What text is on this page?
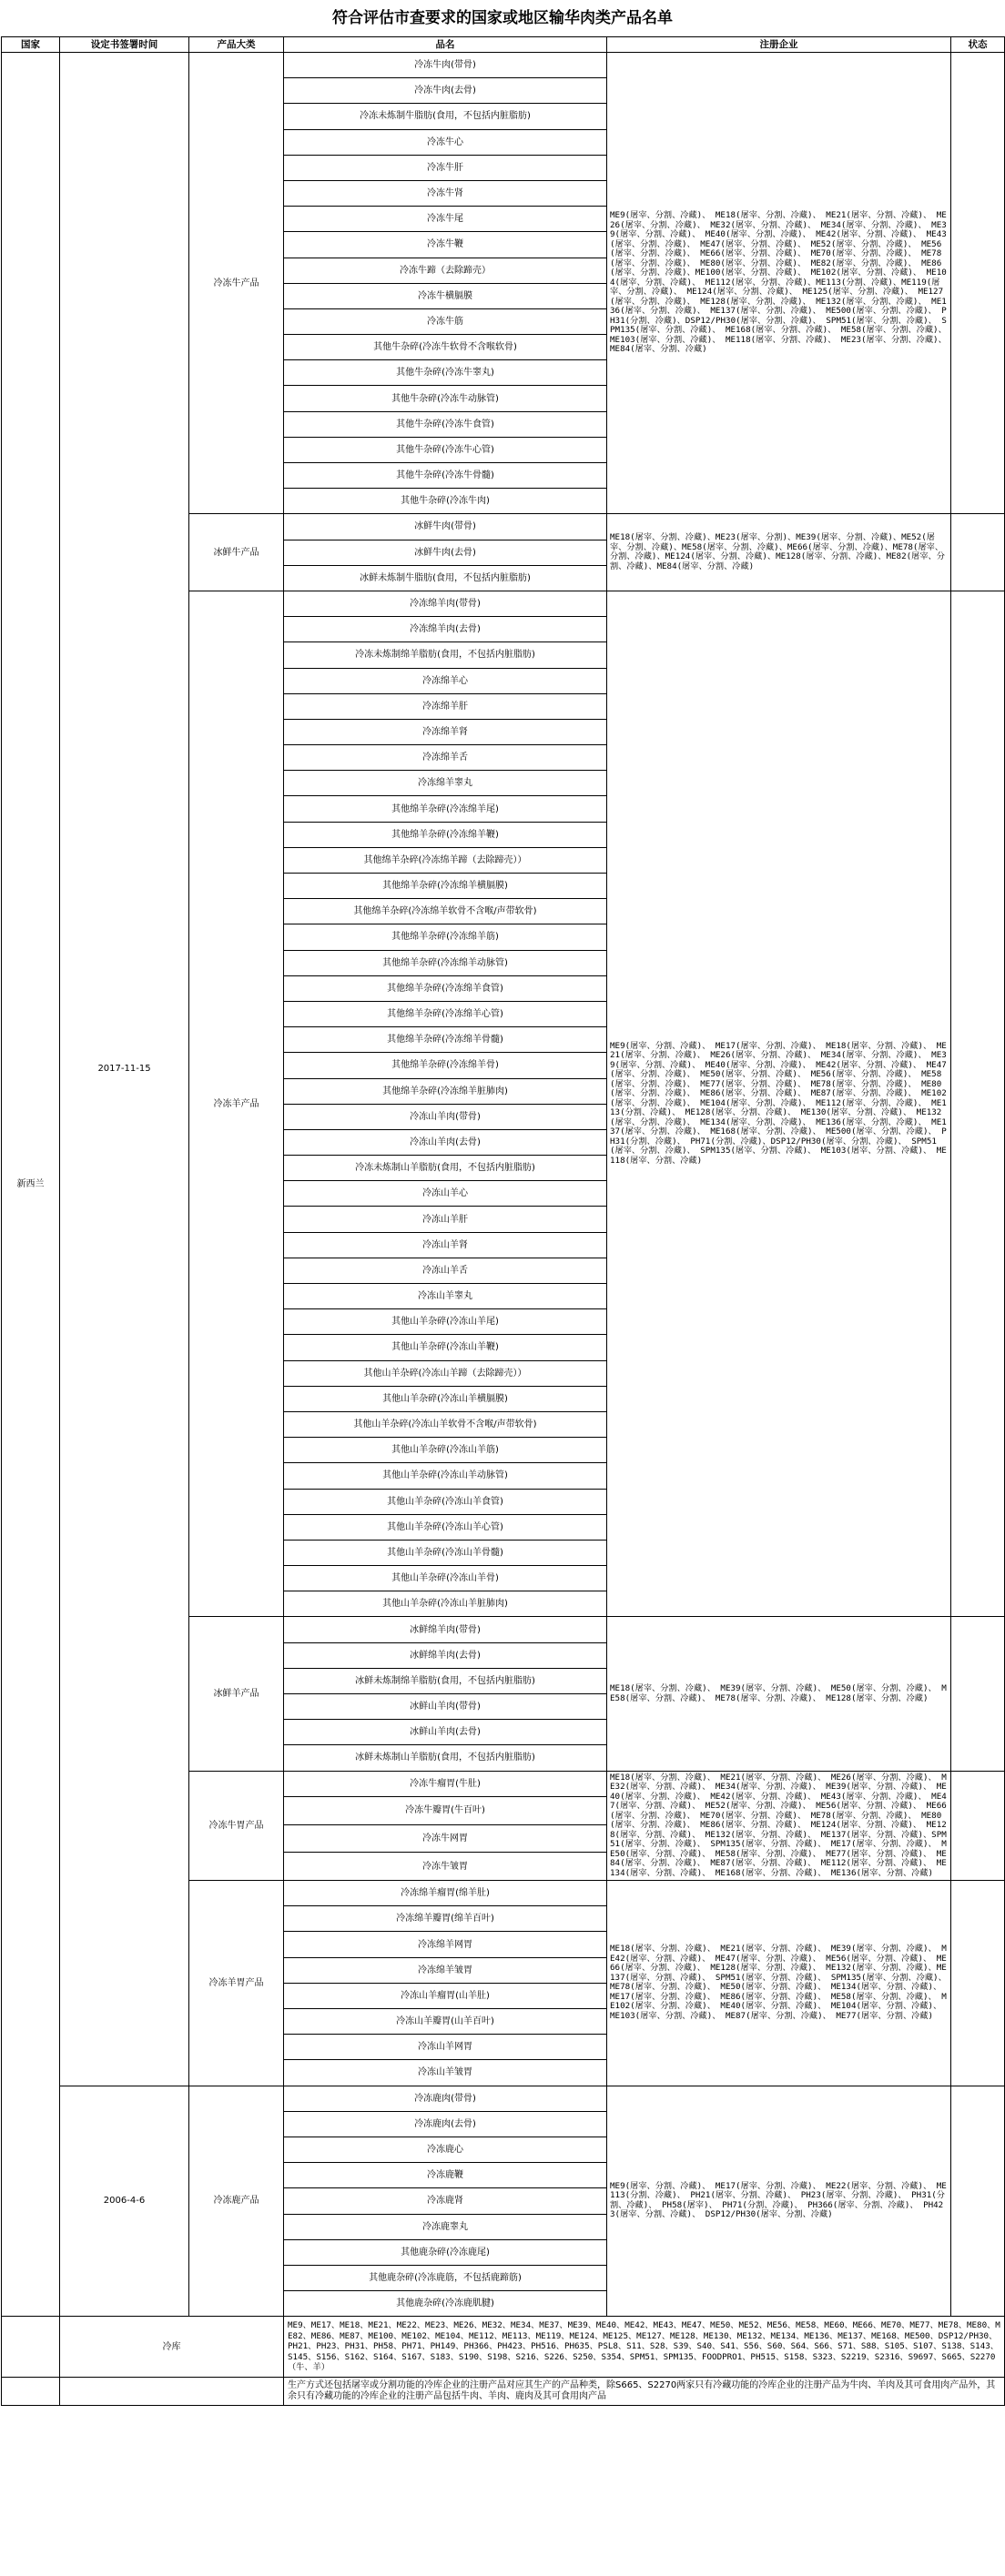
符合评估市查要求的国家或地区输华肉类产品名单
国家	设定书签署时间	产品大类	品名	注册企业	状态
新西兰	2017-11-15	冷冻牛产品	冷冻牛肉(带骨)	ME9(屠宰、分割、冷藏)、 ME18(屠宰、分割、冷藏)、 ME21(屠宰、分割、冷藏)、 ME26(屠宰、分割、冷藏)、 ME32(屠宰、分割、冷藏)、 ME34(屠宰、分割、冷藏)、 ME39(屠宰、分割、冷藏)、 ME40(屠宰、分割、冷藏)、 ME42(屠宰、分割、冷藏)、 ME43(屠宰、分割、冷藏)、 ME47(屠宰、分割、冷藏)、 ME52(屠宰、分割、冷藏)、 ME56(屠宰、分割、冷藏)、 ME66(屠宰、分割、冷藏)、 ME70(屠宰、分割、冷藏)、 ME78(屠宰、分割、冷藏)、 ME80(屠宰、分割、冷藏)、 ME82(屠宰、分割、冷藏)、 ME86(屠宰、分割、冷藏)、ME100(屠宰、分割、冷藏)、 ME102(屠宰、分割、冷藏)、 ME104(屠宰、分割、冷藏)、 ME112(屠宰、分割、冷藏)、ME113(分割、冷藏)、ME119(屠宰、分割、冷藏)、 ME124(屠宰、分割、冷藏)、 ME125(屠宰、分割、冷藏)、 ME127(屠宰、分割、冷藏)、 ME128(屠宰、分割、冷藏)、 ME132(屠宰、分割、冷藏)、 ME136(屠宰、分割、冷藏)、 ME137(屠宰、分割、冷藏)、 ME500(屠宰、分割、冷藏)、 PH31(分割、冷藏)、DSP12/PH30(屠宰、分割、冷藏)、 SPM51(屠宰、分割、冷藏)、 SPM135(屠宰、分割、冷藏)、 ME168(屠宰、分割、冷藏)、 ME58(屠宰、分割、冷藏)、 ME103(屠宰、分割、冷藏)、 ME118(屠宰、分割、冷藏)、 ME23(屠宰、分割、冷藏)、 ME84(屠宰、分割、冷藏)	
			冷冻牛肉(去骨)		
			冷冻未炼制牛脂肪(食用，不包括内脏脂肪)		
			冷冻牛心		
			冷冻牛肝		
			冷冻牛肾		
			冷冻牛尾		
			冷冻牛鞭		
			冷冻牛蹄（去除蹄壳）		
			冷冻牛横膈膜		
			冷冻牛筋		
			其他牛杂碎(冷冻牛软骨不含喉软骨)		
			其他牛杂碎(冷冻牛睾丸)		
			其他牛杂碎(冷冻牛动脉管)		
			其他牛杂碎(冷冻牛食管)		
			其他牛杂碎(冷冻牛心管)		
			其他牛杂碎(冷冻牛骨髓)		
			其他牛杂碎(冷冻牛肉)		
		冰鲜牛产品	冰鲜牛肉(带骨)	ME18(屠宰、分割、冷藏)、ME23(屠宰、分割)、ME39(屠宰、分割、冷藏)、ME52(屠宰、分割、冷藏)、ME58(屠宰、分割、冷藏)、ME66(屠宰、分割、冷藏)、ME78(屠宰、分割、冷藏)、ME124(屠宰、分割、冷藏)、ME128(屠宰、分割、冷藏)、ME82(屠宰、分割、冷藏)、ME84(屠宰、分割、冷藏)	
			冰鲜牛肉(去骨)		
			冰鲜未炼制牛脂肪(食用，不包括内脏脂肪)		
		冷冻羊产品	冷冻绵羊肉(带骨)	ME9(屠宰、分割、冷藏)、 ME17(屠宰、分割、冷藏)、 ME18(屠宰、分割、冷藏)、 ME21(屠宰、分割、冷藏)、 ME26(屠宰、分割、冷藏)、 ME34(屠宰、分割、冷藏)、 ME39(屠宰、分割、冷藏)、 ME40(屠宰、分割、冷藏)、 ME42(屠宰、分割、冷藏)、 ME47(屠宰、分割、冷藏)、 ME50(屠宰、分割、冷藏)、 ME56(屠宰、分割、冷藏)、 ME58(屠宰、分割、冷藏)、 ME77(屠宰、分割、冷藏)、 ME78(屠宰、分割、冷藏)、 ME80(屠宰、分割、冷藏)、 ME86(屠宰、分割、冷藏)、 ME87(屠宰、分割、冷藏)、 ME102(屠宰、分割、冷藏)、 ME104(屠宰、分割、冷藏)、 ME112(屠宰、分割、冷藏)、 ME113(分割、冷藏)、 ME128(屠宰、分割、冷藏)、 ME130(屠宰、分割、冷藏)、 ME132(屠宰、分割、冷藏)、 ME134(屠宰、分割、冷藏)、 ME136(屠宰、分割、冷藏)、 ME137(屠宰、分割、冷藏)、 ME168(屠宰、分割、冷藏)、 ME500(屠宰、分割、冷藏)、 PH31(分割、冷藏)、 PH71(分割、冷藏)、DSP12/PH30(屠宰、分割、冷藏)、 SPM51(屠宰、分割、冷藏)、 SPM135(屠宰、分割、冷藏)、 ME103(屠宰、分割、冷藏)、 ME118(屠宰、分割、冷藏)	
			冷冻绵羊肉(去骨)		
			冷冻未炼制绵羊脂肪(食用，不包括内脏脂肪)		
			冷冻绵羊心		
			冷冻绵羊肝		
			冷冻绵羊肾		
			冷冻绵羊舌		
			冷冻绵羊睾丸		
			其他绵羊杂碎(冷冻绵羊尾)		
			其他绵羊杂碎(冷冻绵羊鞭)		
			其他绵羊杂碎(冷冻绵羊蹄（去除蹄壳））		
			其他绵羊杂碎(冷冻绵羊横膈膜)		
			其他绵羊杂碎(冷冻绵羊软骨不含喉/声带软骨)		
			其他绵羊杂碎(冷冻绵羊筋)		
			其他绵羊杂碎(冷冻绵羊动脉管)		
			其他绵羊杂碎(冷冻绵羊食管)		
			其他绵羊杂碎(冷冻绵羊心管)		
			其他绵羊杂碎(冷冻绵羊骨髓)		
			其他绵羊杂碎(冷冻绵羊骨)		
			其他绵羊杂碎(冷冻绵羊脏肺肉)		
			冷冻山羊肉(带骨)		
			冷冻山羊肉(去骨)		
			冷冻未炼制山羊脂肪(食用，不包括内脏脂肪)		
			冷冻山羊心		
			冷冻山羊肝		
			冷冻山羊肾		
			冷冻山羊舌		
			冷冻山羊睾丸		
			其他山羊杂碎(冷冻山羊尾)		
			其他山羊杂碎(冷冻山羊鞭)		
			其他山羊杂碎(冷冻山羊蹄（去除蹄壳））		
			其他山羊杂碎(冷冻山羊横膈膜)		
			其他山羊杂碎(冷冻山羊软骨不含喉/声带软骨)		
			其他山羊杂碎(冷冻山羊筋)		
			其他山羊杂碎(冷冻山羊动脉管)		
			其他山羊杂碎(冷冻山羊食管)		
			其他山羊杂碎(冷冻山羊心管)		
			其他山羊杂碎(冷冻山羊骨髓)		
			其他山羊杂碎(冷冻山羊骨)		
			其他山羊杂碎(冷冻山羊脏肺肉)		
		冰鲜羊产品	冰鲜绵羊肉(带骨)	ME18(屠宰、分割、冷藏)、 ME39(屠宰、分割、冷藏)、 ME50(屠宰、分割、冷藏)、 ME58(屠宰、分割、冷藏)、 ME78(屠宰、分割、冷藏)、 ME128(屠宰、分割、冷藏)	
			冰鲜绵羊肉(去骨)		
			冰鲜未炼制绵羊脂肪(食用，不包括内脏脂肪)		
			冰鲜山羊肉(带骨)		
			冰鲜山羊肉(去骨)		
			冰鲜未炼制山羊脂肪(食用，不包括内脏脂肪)		
		冷冻牛胃产品	冷冻牛瘤胃(牛肚)	ME18(屠宰、分割、冷藏)、 ME21(屠宰、分割、冷藏)、 ME26(屠宰、分割、冷藏)、 ME32(屠宰、分割、冷藏)、 ME34(屠宰、分割、冷藏)、 ME39(屠宰、分割、冷藏)、 ME40(屠宰、分割、冷藏)、 ME42(屠宰、分割、冷藏)、 ME43(屠宰、分割、冷藏)、 ME47(屠宰、分割、冷藏)、 ME52(屠宰、分割、冷藏)、 ME56(屠宰、分割、冷藏)、 ME66(屠宰、分割、冷藏)、 ME70(屠宰、分割、冷藏)、 ME78(屠宰、分割、冷藏)、 ME80(屠宰、分割、冷藏)、 ME86(屠宰、分割、冷藏)、 ME124(屠宰、分割、冷藏)、 ME128(屠宰、分割、冷藏)、 ME132(屠宰、分割、冷藏)、 ME137(屠宰、分割、冷藏)、SPM51(屠宰、分割、冷藏)、 SPM135(屠宰、分割、冷藏)、 ME17(屠宰、分割、冷藏)、 ME50(屠宰、分割、冷藏)、 ME58(屠宰、分割、冷藏)、 ME77(屠宰、分割、冷藏)、 ME84(屠宰、分割、冷藏)、 ME87(屠宰、分割、冷藏)、 ME112(屠宰、分割、冷藏)、 ME134(屠宰、分割、冷藏)、 ME168(屠宰、分割、冷藏)、 ME136(屠宰、分割、冷藏)	

			冷冻牛瓣胃(牛百叶)		

			冷冻牛网胃		

			冷冻牛皱胃		

		冷冻羊胃产品	冷冻绵羊瘤胃(绵羊肚)	ME18(屠宰、分割、冷藏)、 ME21(屠宰、分割、冷藏)、 ME39(屠宰、分割、冷藏)、 ME42(屠宰、分割、冷藏)、 ME47(屠宰、分割、冷藏)、 ME56(屠宰、分割、冷藏)、 ME66(屠宰、分割、冷藏)、 ME128(屠宰、分割、冷藏)、 ME132(屠宰、分割、冷藏)、ME137(屠宰、分割、冷藏)、 SPM51(屠宰、分割、冷藏)、 SPM135(屠宰、分割、冷藏)、 ME78(屠宰、分割、冷藏)、 ME50(屠宰、分割、冷藏)、 ME134(屠宰、分割、冷藏)、 ME17(屠宰、分割、冷藏)、 ME86(屠宰、分割、冷藏)、 ME58(屠宰、分割、冷藏)、 ME102(屠宰、分割、冷藏)、 ME40(屠宰、分割、冷藏)、 ME104(屠宰、分割、冷藏)、 ME103(屠宰、分割、冷藏)、 ME87(屠宰、分割、冷藏)、 ME77(屠宰、分割、冷藏)	
			冷冻绵羊瓣胃(绵羊百叶)		
			冷冻绵羊网胃		
			冷冻绵羊皱胃		
			冷冻山羊瘤胃(山羊肚)		
			冷冻山羊瓣胃(山羊百叶)		
			冷冻山羊网胃		
			冷冻山羊皱胃		
	2006-4-6	冷冻鹿产品	冷冻鹿肉(带骨)	ME9(屠宰、分割、冷藏)、 ME17(屠宰、分割、冷藏)、 ME22(屠宰、分割、冷藏)、 ME113(分割、冷藏)、 PH21(屠宰、分割、冷藏)、 PH23(屠宰、分割、冷藏)、 PH31(分割、冷藏)、 PH58(屠宰)、 PH71(分割、冷藏)、 PH366(屠宰、分割、冷藏)、 PH423(屠宰、分割、冷藏)、 DSP12/PH30(屠宰、分割、冷藏)	
			冷冻鹿肉(去骨)		
			冷冻鹿心		
			冷冻鹿鞭		
			冷冻鹿肾		
			冷冻鹿睾丸		
			其他鹿杂碎(冷冻鹿尾)		
			其他鹿杂碎(冷冻鹿筋，不包括鹿蹄筋)		
			其他鹿杂碎(冷冻鹿肌腱)		
	冷库		ME9、ME17、ME18、ME21、ME22、ME23、ME26、ME32、ME34、ME37、ME39、ME40、ME42、ME43、ME47、ME50、ME52、ME56、ME58、ME60、ME66、ME70、ME77、ME78、ME80、ME82、ME86、ME87、ME100、ME102、ME104、ME112、ME113、ME119、ME124、ME125、ME127、ME128、ME130、ME132、ME134、ME136、ME137、ME168、ME500、DSP12/PH30、PH21、PH23、PH31、PH58、PH71、PH149、PH366、PH423、PH516、PH635、PSL8、S11、S28、S39、S40、S41、S56、S60、S64、S66、S71、S88、S105、S107、S138、S143、S145、S156、S162、S164、S167、S183、S190、S198、S216、S226、S250、S354、SPM51、SPM135、FOODPRO1、PH515、S158、S323、S2219、S2316、S9697、S665、S2270（牛、羊）		
			生产方式还包括屠宰或分割功能的冷库企业的注册产品对应其生产的产品种类，除S665、S2270两家只有冷藏功能的冷库企业的注册产品为牛肉、羊肉及其可食用肉产品外，其余只有冷藏功能的冷库企业的注册产品包括牛肉、羊肉、鹿肉及其可食用肉产品		
